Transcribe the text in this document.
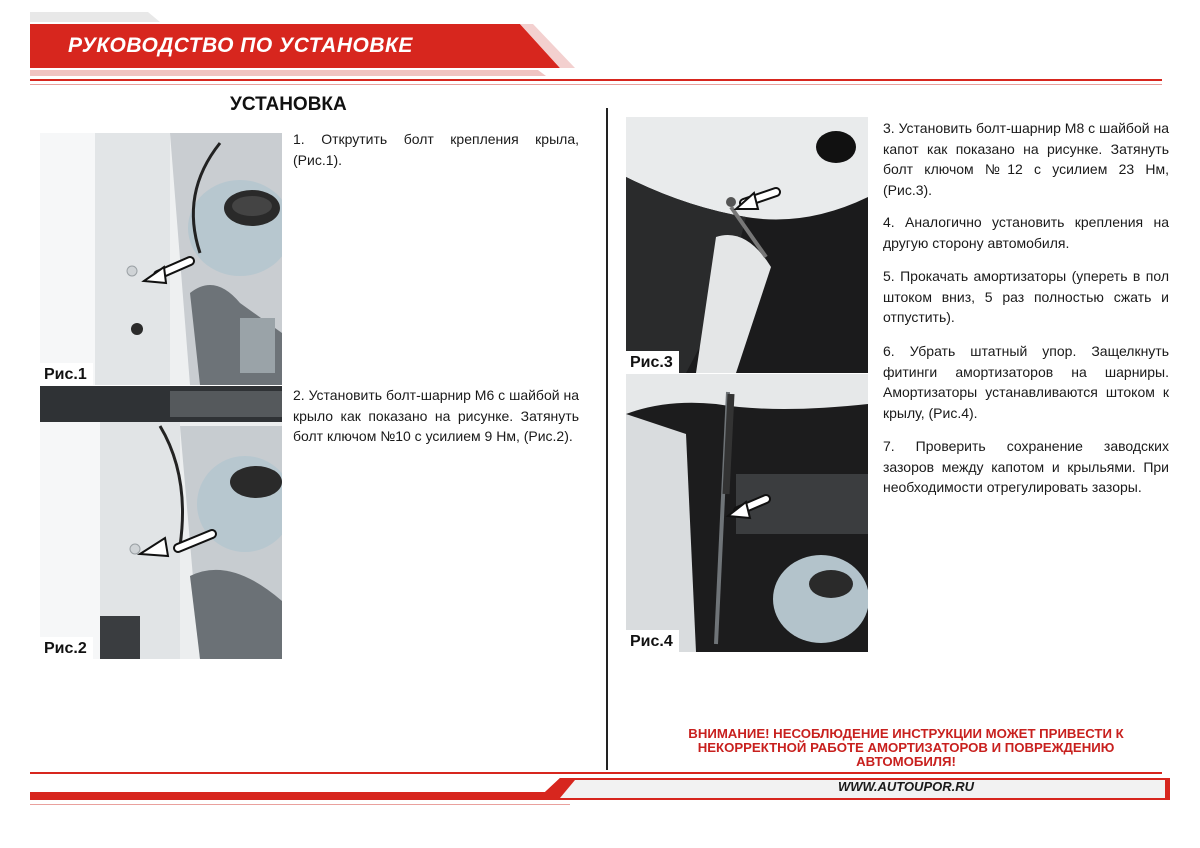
РУКОВОДСТВО ПО УСТАНОВКЕ
УСТАНОВКА
Рис.1
Рис.2
1. Открутить болт крепления крыла, (Рис.1).
2. Установить болт-шарнир М6 с шайбой на крыло как показано на рисунке. Затянуть болт ключом №10 с усилием 9 Нм, (Рис.2).
Рис.3
Рис.4
3. Установить болт-шарнир М8 с шайбой на капот как показано на рисунке. Затянуть болт ключом №12 с усилием 23 Нм, (Рис.3).
4. Аналогично установить крепления на другую сторону автомобиля.
5. Прокачать амортизаторы (упереть в пол штоком вниз, 5 раз полностью сжать и отпустить).
6. Убрать штатный упор. Защелкнуть фитинги амортизаторов на шарниры. Амортизаторы устанавливаются штоком к крылу, (Рис.4).
7. Проверить сохранение заводских зазоров между капотом и крыльями. При необходимости отрегулировать зазоры.
ВНИМАНИЕ! НЕСОБЛЮДЕНИЕ ИНСТРУКЦИИ МОЖЕТ ПРИВЕСТИ К НЕКОРРЕКТНОЙ РАБОТЕ АМОРТИЗАТОРОВ И ПОВРЕЖДЕНИЮ АВТОМОБИЛЯ!
WWW.AUTOUPOR.RU
